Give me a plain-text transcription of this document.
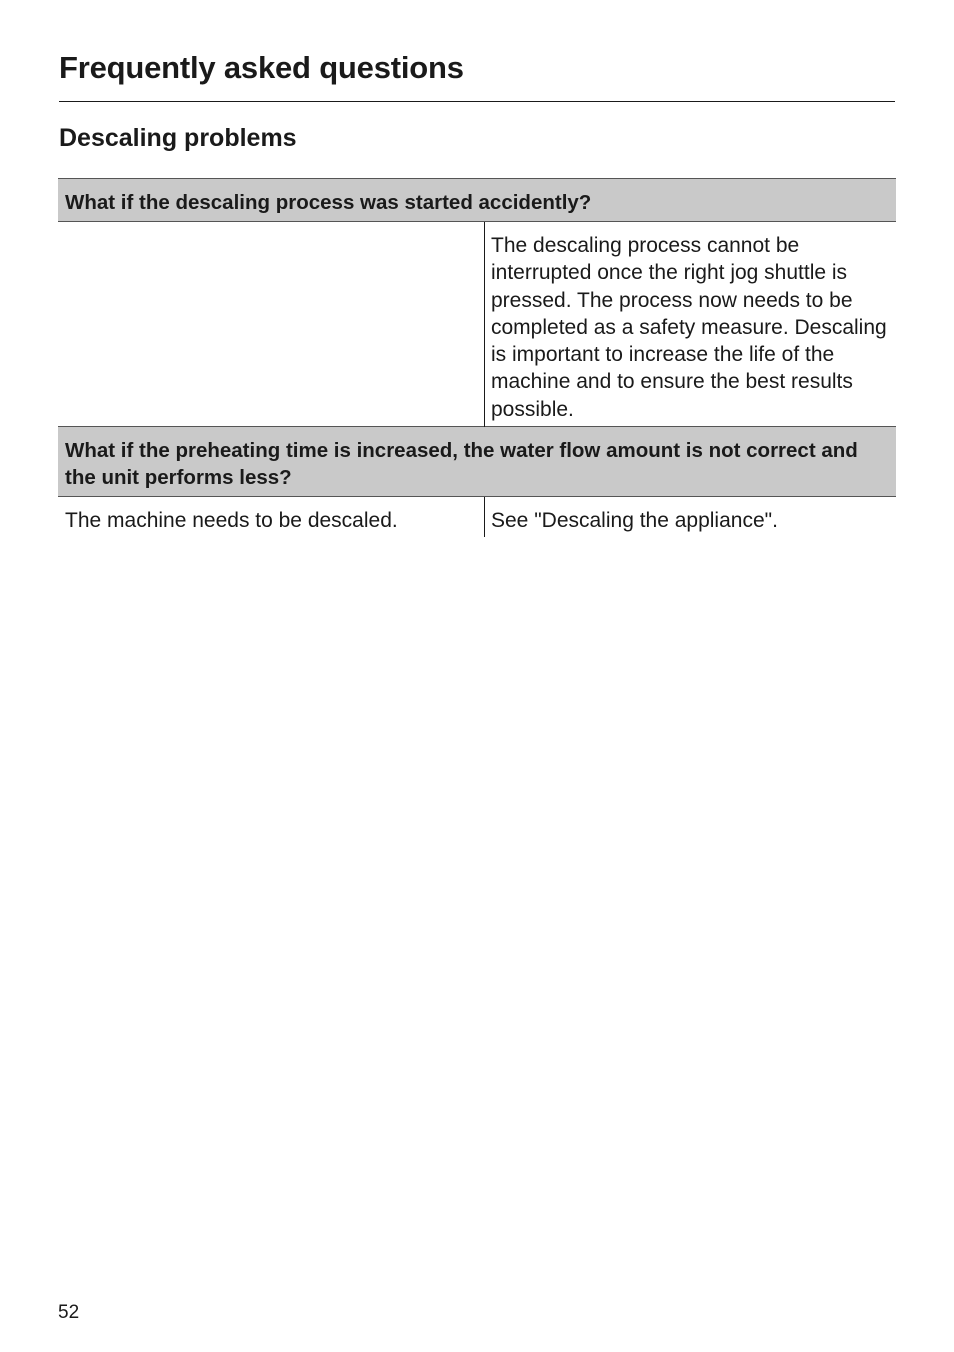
Frequently asked questions
Descaling problems
What if the descaling process was started accidently?	
	The descaling process cannot be interrupted once the right jog shuttle is pressed. The process now needs to be completed as a safety measure. Descaling is important to increase the life of the machine and to ensure the best results possible.
What if the preheating time is increased, the water flow amount is not correct and the unit performs less?	
The machine needs to be descaled.	See "Descaling the appliance".
52
